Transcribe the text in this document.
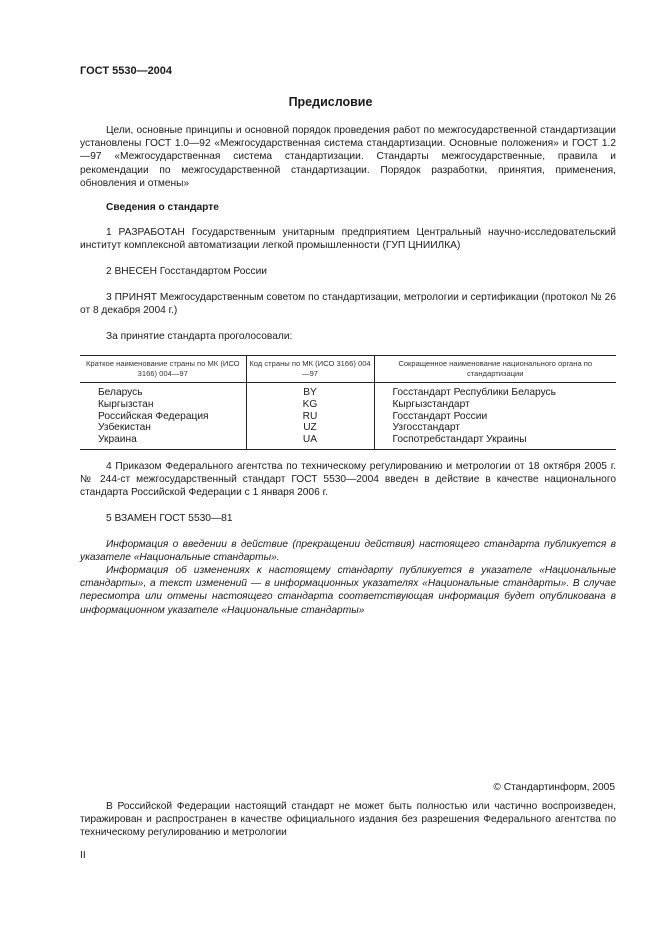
ГОСТ 5530—2004
Предисловие

Цели, основные принципы и основной порядок проведения работ по межгосударственной стандартизации установлены ГОСТ 1.0—92 «Межгосударственная система стандартизации. Основные положения» и ГОСТ 1.2—97 «Межгосударственная система стандартизации. Стандарты межгосударственные, правила и рекомендации по межгосударственной стандартизации. Порядок разработки, принятия, применения, обновления и отмены»

Сведения о стандарте

1 РАЗРАБОТАН Государственным унитарным предприятием Центральный научно-исследовательский институт комплексной автоматизации легкой промышленности (ГУП ЦНИИЛКА)

2 ВНЕСЕН Госстандартом России

3 ПРИНЯТ Межгосударственным советом по стандартизации, метрологии и сертификации (протокол № 26 от 8 декабря 2004 г.)

За принятие стандарта проголосовали:

Краткое наименование страны по МК (ИСО 3166) 004—97	Код страны по МК (ИСО 3166) 004—97	Сокращенное наименование национального органа по стандартизации
Беларусь	BY	Госстандарт Республики Беларусь
Кыргызстан	KG	Кыргызстандарт
Российская Федерация	RU	Госстандарт России
Узбекистан	UZ	Узгосстандарт
Украина	UA	Госпотребстандарт Украины

4 Приказом Федерального агентства по техническому регулированию и метрологии от 18 октября 2005 г. № 244-ст межгосударственный стандарт ГОСТ 5530—2004 введен в действие в качестве национального стандарта Российской Федерации с 1 января 2006 г.

5 ВЗАМЕН ГОСТ 5530—81

Информация о введении в действие (прекращении действия) настоящего стандарта публикуется в указателе «Национальные стандарты».

Информация об изменениях к настоящему стандарту публикуется в указателе «Национальные стандарты», а текст изменений — в информационных указателях «Национальные стандарты». В случае пересмотра или отмены настоящего стандарта соответствующая информация будет опубликована в информационном указателе «Национальные стандарты»

© Стандартинформ, 2005

В Российской Федерации настоящий стандарт не может быть полностью или частично воспроизведен, тиражирован и распространен в качестве официального издания без разрешения Федерального агентства по техническому регулированию и метрологии

II
